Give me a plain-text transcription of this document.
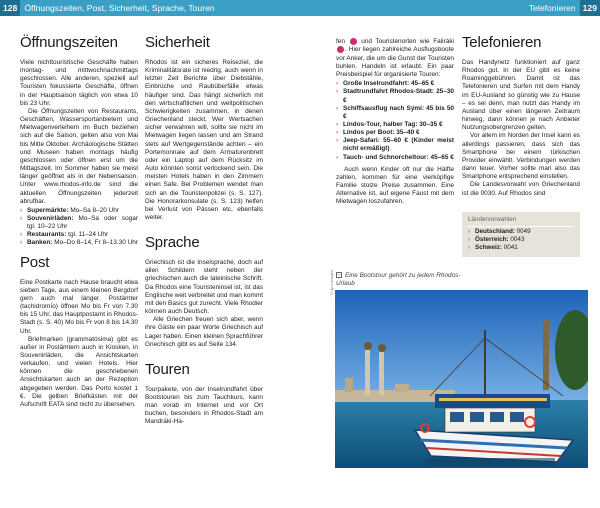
128 Öffnungszeiten, Post, Sicherheit, Sprache, Touren	Telefonieren 129
Öffnungszeiten

Viele nichttouristische Geschäfte haben montag- und mittwochnachmittags geschlossen. Alle anderen, speziell auf Touristen fokussierte Geschäfte, öffnen in der Hauptsaison täglich von etwa 10 bis 23 Uhr.

Die Öffnungszeiten von Restaurants, Geschäften, Wassersportanbietern und Mietwagenverleihern im Buch beziehen sich auf die Saison, gelten also von Mai bis Mitte Oktober. Archäologische Stätten und Museen haben montags häufig geschlossen oder öffnen erst um die Mittagszeit. Im Sommer haben sie meist länger geöffnet als in der Nebensaison. Unter www.rhodos-info.de sind die aktuellen Öffnungszeiten jederzeit abrufbar.

› Supermärkte: Mo–Sa 8–20 Uhr
› Souvenirläden: Mo–Sa oder sogar tgl. 10–22 Uhr
› Restaurants: tgl. 11–24 Uhr
› Banken: Mo–Do 8–14, Fr 8–13.30 Uhr
Post

Eine Postkarte nach Hause braucht etwa sieben Tage, aus einem kleinen Bergdorf gern auch mal länger. Postämter (tachidromío) öffnen Mo bis Fr von 7.30 bis 15 Uhr, das Hauptpostamt in Rhodos-Stadt (s. S. 40) Mo bis Fr von 8 bis 14.30 Uhr.

Briefmarken (grammatósima) gibt es außer in Postämtern auch in Kiosken, in Souvenirläden, die Ansichtskarten verkaufen, und vielen Hotels. Hier können die geschriebenen Ansichtskarten auch an der Rezeption abgegeben werden. Das Porto kostet 1 €. Die gelben Briefkästen mit der Aufschrift EATA sind nicht zu übersehen.

Sicherheit

Rhodos ist ein sicheres Reiseziel, die Kriminalitätsrate ist niedrig, auch wenn in letzter Zeit Berichte über Diebstähle, Einbrüche und Raubüberfälle etwas häufiger sind. Das hängt sicherlich mit den wirtschaftlichen und weltpolitischen Schwierigkeiten zusammen, in denen Griechenland steckt. Wer Wertsachen sicher verwahren will, sollte sie nicht im Mietwagen liegen lassen und am Strand stets auf Wertgegenstände achten – ein Portemonnaie auf dem Armaturenbrett oder ein Laptop auf dem Rücksitz im Auto könnten sonst verlockend sein. Die meisten Hotels haben in den Zimmern einen Safe. Bei Problemen wendet man sich an die Touristenpolizei (s. S. 127). Die Honorarkonsulate (s. S. 123) helfen bei Verlust von Pässen etc. ebenfalls weiter.

Sprache

Griechisch ist die Inselsprache, doch auf allen Schildern steht neben der griechischen auch die lateinische Schrift. Da Rhodos eine Touristeninsel ist, ist das Englische weit verbreitet und man kommt mit den Basics gut zurecht. Viele Rhodier können auch Deutsch.

Alle Griechen freuen sich aber, wenn ihre Gäste ein paar Worte Griechisch auf Lager haben. Einen kleinen Sprachführer Griechisch gibt es auf Seite 134.

Touren

Tourpakete, von der Inselrundfahrt über Bootstouren bis zum Tauchkurs, kann man vorab im Internet und vor Ort buchen, besonders in Rhodos-Stadt am Mandráki-Ha-

fen	und Touristenorten wie Faliráki . Hier liegen zahlreiche Ausflugsboote vor Anker, die um die Gunst der Touristen buhlen. Handeln ist erlaubt. Ein paar Preisbeispiel für organisierte Touren:

› Große Inselrundfahrt: 45–65 €
› Stadtrundfahrt Rhodos-Stadt: 25–30 €
› Schiffsausflug nach Sými: 45 bis 50 €
› Líndos-Tour, halber Tag: 30–35 €
› Líndos per Boot: 35–40 €
› Jeep-Safari: 55–60 € (Kinder meist nicht ermäßigt)
› Tauch- und Schnorcheltour: 45–65 €

Auch wenn Kinder oft nur die Hälfte zahlen, kommen für eine vierköpfige Familie stolze Preise zusammen. Eine Alternative ist, auf eigene Faust mit dem Mietwagen loszufahren.

− Eine Bootstour gehört zu jedem Rhodos-Urlaub
© dpa-images
Telefonieren

Das Handynetz funktioniert auf ganz Rhodos gut. In der EU gibt es keine Roaminggebühren. Damit ist das Telefonieren und Surfen mit dem Handy im EU-Ausland so günstig wie zu Hause – es sei denn, man nutzt das Handy im Ausland über einen längeren Zeitraum hinweg, dann können je nach Anbieter Nutzungsobergrenzen gelten.

Vor allem im Norden der Insel kann es allerdings passieren, dass sich das Smartphone bei einem türkischen Provider einwählt. Verbindungen werden dann teuer. Vorher sollte man also das Smartphone entsprechend einstellen.

Die Landesvorwahl von Griechenland ist die 0030. Auf Rhodos sind

Ländervorwahlen
› Deutschland: 0049
› Österreich: 0043
› Schweiz: 0041
